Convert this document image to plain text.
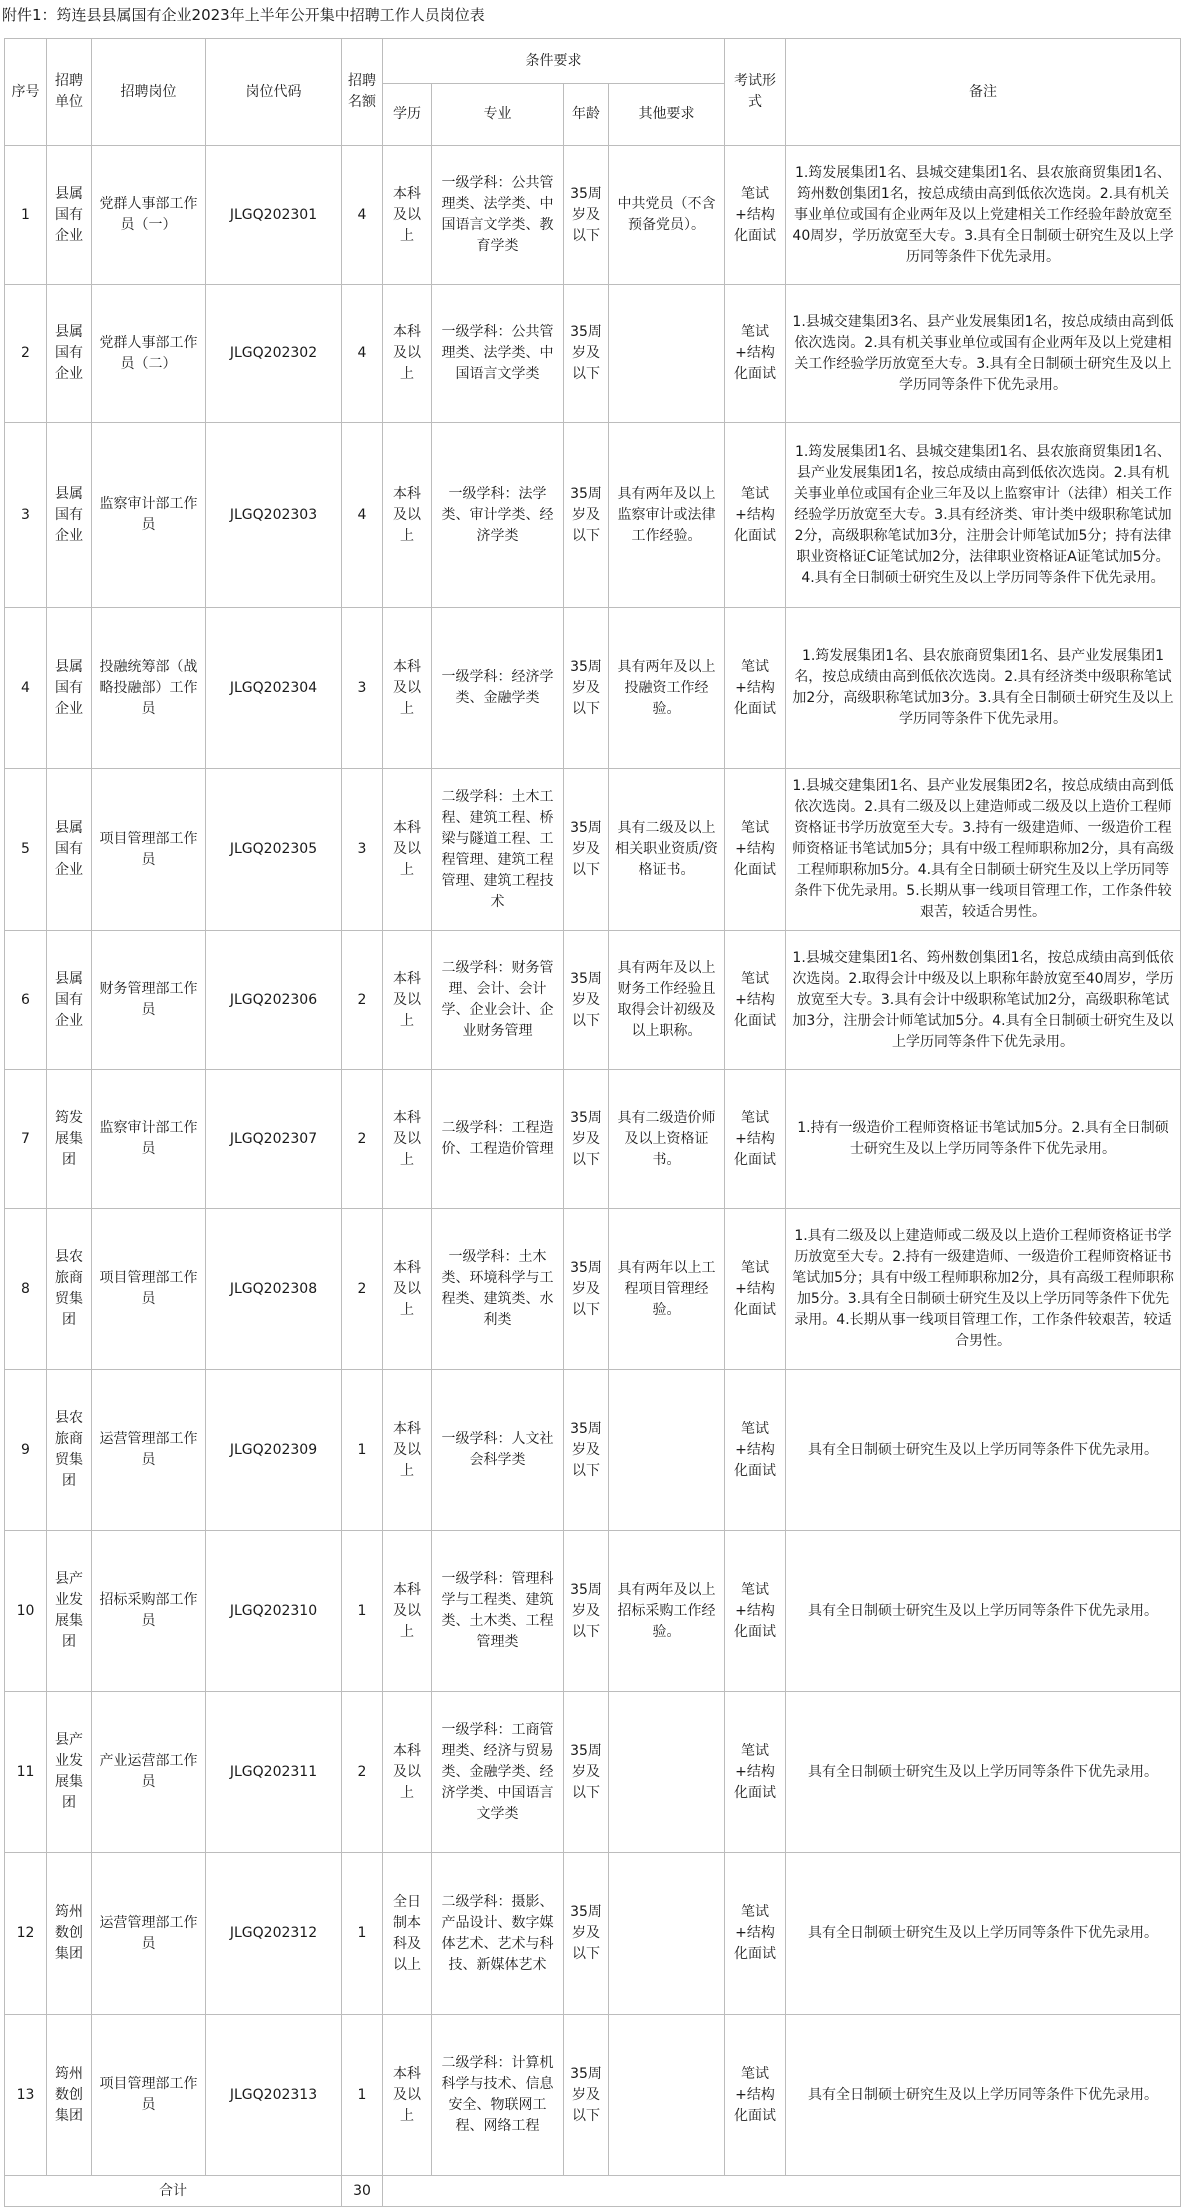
附件1：筠连县县属国有企业2023年上半年公开集中招聘工作人员岗位表
序号	招聘单位	招聘岗位	岗位代码	招聘名额	条件要求				考试形式	备注
					学历	专业	年龄	其他要求		
1	县属国有企业	党群人事部工作员（一）	JLGQ202301	4	本科及以上	一级学科：公共管理类、法学类、中国语言文学类、教育学类	35周岁及以下	中共党员（不含预备党员）。	笔试+结构化面试	1.筠发展集团1名、县城交建集团1名、县农旅商贸集团1名、筠州数创集团1名，按总成绩由高到低依次选岗。2.具有机关事业单位或国有企业两年及以上党建相关工作经验年龄放宽至40周岁，学历放宽至大专。3.具有全日制硕士研究生及以上学历同等条件下优先录用。
2	县属国有企业	党群人事部工作员（二）	JLGQ202302	4	本科及以上	一级学科：公共管理类、法学类、中国语言文学类	35周岁及以下		笔试+结构化面试	1.县城交建集团3名、县产业发展集团1名，按总成绩由高到低依次选岗。2.具有机关事业单位或国有企业两年及以上党建相关工作经验学历放宽至大专。3.具有全日制硕士研究生及以上学历同等条件下优先录用。
3	县属国有企业	监察审计部工作员	JLGQ202303	4	本科及以上	一级学科：法学类、审计学类、经济学类	35周岁及以下	具有两年及以上监察审计或法律工作经验。	笔试+结构化面试	1.筠发展集团1名、县城交建集团1名、县农旅商贸集团1名、县产业发展集团1名，按总成绩由高到低依次选岗。2.具有机关事业单位或国有企业三年及以上监察审计（法律）相关工作经验学历放宽至大专。3.具有经济类、审计类中级职称笔试加2分，高级职称笔试加3分，注册会计师笔试加5分；持有法律职业资格证C证笔试加2分，法律职业资格证A证笔试加5分。4.具有全日制硕士研究生及以上学历同等条件下优先录用。
4	县属国有企业	投融统筹部（战略投融部）工作员	JLGQ202304	3	本科及以上	一级学科：经济学类、金融学类	35周岁及以下	具有两年及以上投融资工作经验。	笔试+结构化面试	1.筠发展集团1名、县农旅商贸集团1名、县产业发展集团1名，按总成绩由高到低依次选岗。2.具有经济类中级职称笔试加2分，高级职称笔试加3分。3.具有全日制硕士研究生及以上学历同等条件下优先录用。
5	县属国有企业	项目管理部工作员	JLGQ202305	3	本科及以上	二级学科：土木工程、建筑工程、桥梁与隧道工程、工程管理、建筑工程管理、建筑工程技术	35周岁及以下	具有二级及以上相关职业资质/资格证书。	笔试+结构化面试	1.县城交建集团1名、县产业发展集团2名，按总成绩由高到低依次选岗。2.具有二级及以上建造师或二级及以上造价工程师资格证书学历放宽至大专。3.持有一级建造师、一级造价工程师资格证书笔试加5分；具有中级工程师职称加2分，具有高级工程师职称加5分。4.具有全日制硕士研究生及以上学历同等条件下优先录用。5.长期从事一线项目管理工作，工作条件较艰苦，较适合男性。
6	县属国有企业	财务管理部工作员	JLGQ202306	2	本科及以上	二级学科：财务管理、会计、会计学、企业会计、企业财务管理	35周岁及以下	具有两年及以上财务工作经验且取得会计初级及以上职称。	笔试+结构化面试	1.县城交建集团1名、筠州数创集团1名，按总成绩由高到低依次选岗。2.取得会计中级及以上职称年龄放宽至40周岁，学历放宽至大专。3.具有会计中级职称笔试加2分，高级职称笔试加3分，注册会计师笔试加5分。4.具有全日制硕士研究生及以上学历同等条件下优先录用。
7	筠发展集团	监察审计部工作员	JLGQ202307	2	本科及以上	二级学科：工程造价、工程造价管理	35周岁及以下	具有二级造价师及以上资格证书。	笔试+结构化面试	1.持有一级造价工程师资格证书笔试加5分。2.具有全日制硕士研究生及以上学历同等条件下优先录用。
8	县农旅商贸集团	项目管理部工作员	JLGQ202308	2	本科及以上	一级学科：土木类、环境科学与工程类、建筑类、水利类	35周岁及以下	具有两年以上工程项目管理经验。	笔试+结构化面试	1.具有二级及以上建造师或二级及以上造价工程师资格证书学历放宽至大专。2.持有一级建造师、一级造价工程师资格证书笔试加5分；具有中级工程师职称加2分，具有高级工程师职称加5分。3.具有全日制硕士研究生及以上学历同等条件下优先录用。4.长期从事一线项目管理工作，工作条件较艰苦，较适合男性。
9	县农旅商贸集团	运营管理部工作员	JLGQ202309	1	本科及以上	一级学科：人文社会科学类	35周岁及以下		笔试+结构化面试	具有全日制硕士研究生及以上学历同等条件下优先录用。
10	县产业发展集团	招标采购部工作员	JLGQ202310	1	本科及以上	一级学科：管理科学与工程类、建筑类、土木类、工程管理类	35周岁及以下	具有两年及以上招标采购工作经验。	笔试+结构化面试	具有全日制硕士研究生及以上学历同等条件下优先录用。
11	县产业发展集团	产业运营部工作员	JLGQ202311	2	本科及以上	一级学科：工商管理类、经济与贸易类、金融学类、经济学类、中国语言文学类	35周岁及以下		笔试+结构化面试	具有全日制硕士研究生及以上学历同等条件下优先录用。
12	筠州数创集团	运营管理部工作员	JLGQ202312	1	全日制本科及以上	二级学科：摄影、产品设计、数字媒体艺术、艺术与科技、新媒体艺术	35周岁及以下		笔试+结构化面试	具有全日制硕士研究生及以上学历同等条件下优先录用。
13	筠州数创集团	项目管理部工作员	JLGQ202313	1	本科及以上	二级学科：计算机科学与技术、信息安全、物联网工程、网络工程	35周岁及以下		笔试+结构化面试	具有全日制硕士研究生及以上学历同等条件下优先录用。
合计				30						
